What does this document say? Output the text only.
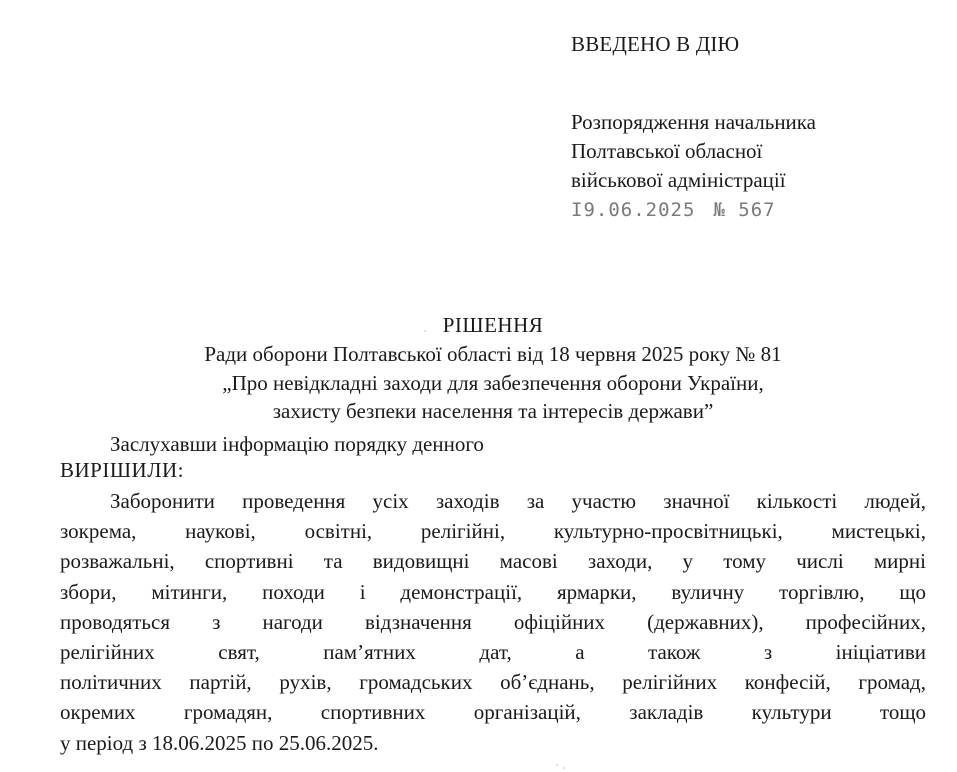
ВВЕДЕНО В ДІЮ
Розпорядження начальника
Полтавської обласної
військової адміністрації
І9.06.2025 № 567
РІШЕННЯ
Ради оборони Полтавської області від 18 червня 2025 року № 81
„Про невідкладні заходи для забезпечення оборони України,
захисту безпеки населення та інтересів держави”
Заслухавши інформацію порядку денного
ВИРІШИЛИ:
Заборонити проведення усіх заходів за участю значної кількості людей,
зокрема, наукові, освітні, релігійні, культурно-просвітницькі, мистецькі,
розважальні, спортивні та видовищні масові заходи, у тому числі мирні
збори, мітинги, походи і демонстрації, ярмарки, вуличну торгівлю, що
проводяться з нагоди відзначення офіційних (державних), професійних,
релігійних свят, пам’ятних дат, а також з ініціативи
політичних партій, рухів, громадських об’єднань, релігійних конфесій, громад,
окремих громадян, спортивних організацій, закладів культури тощо
у період з 18.06.2025 по 25.06.2025.
